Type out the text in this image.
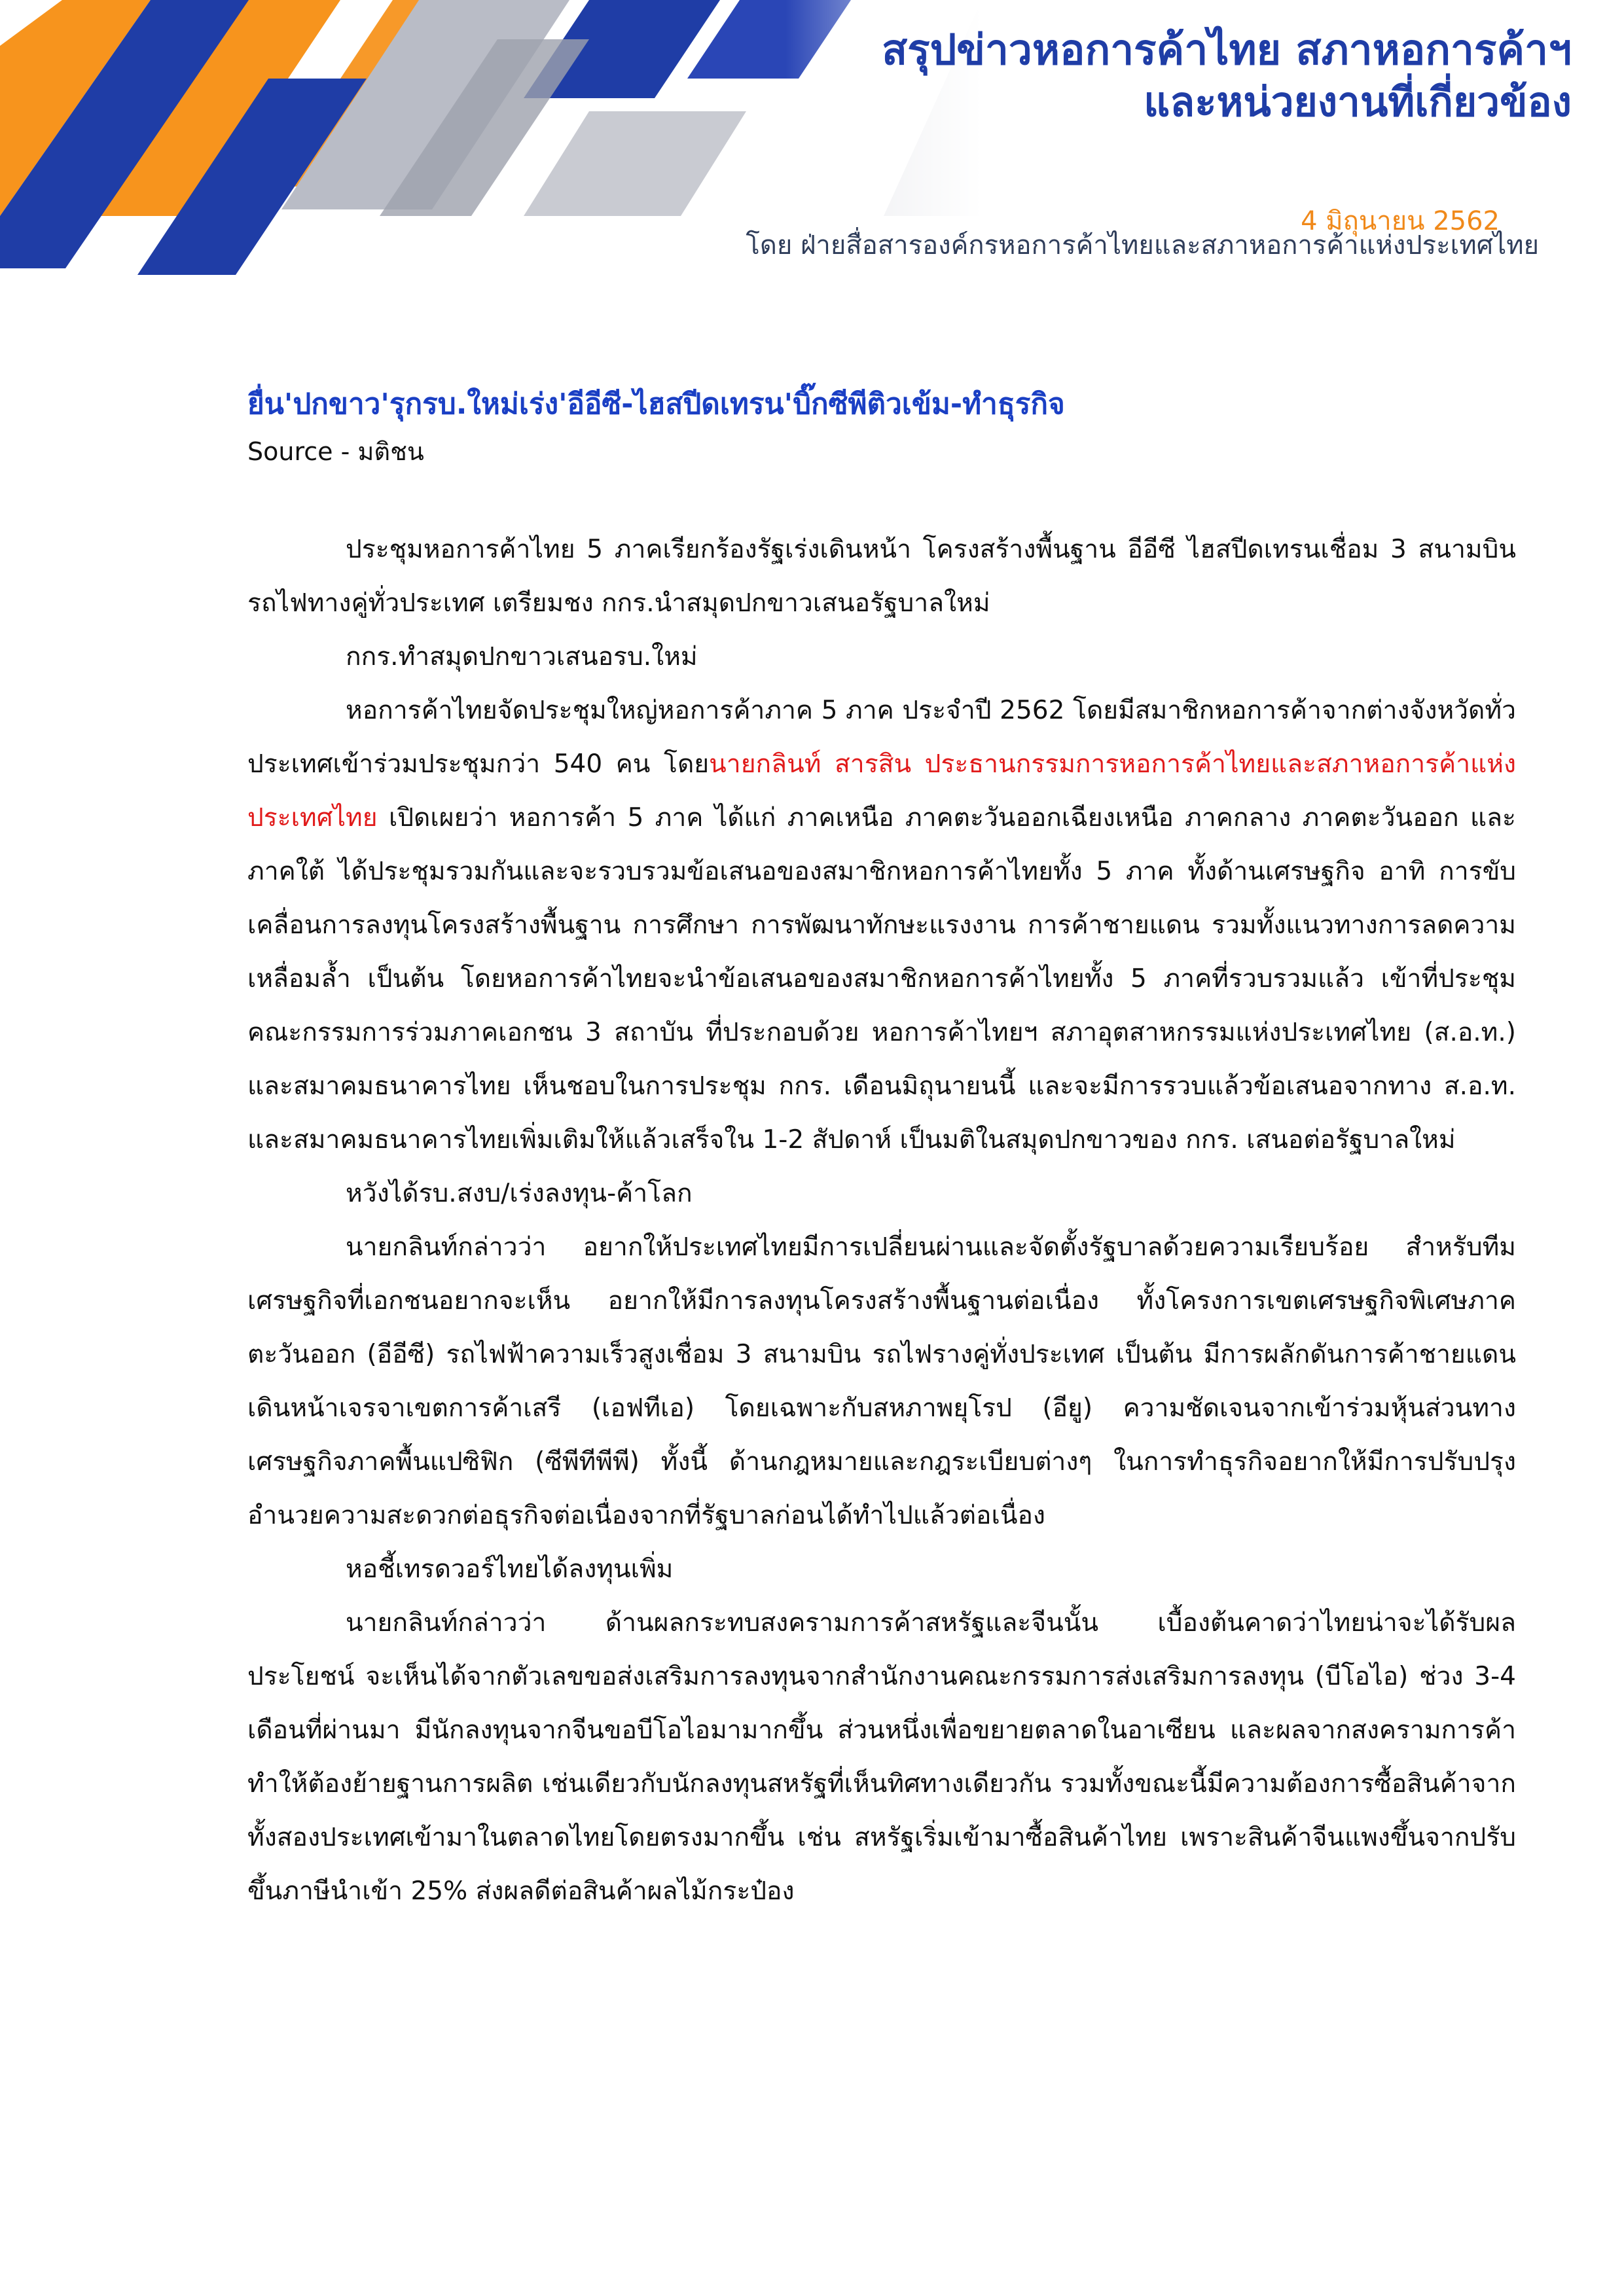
สรุปข่าวหอการค้าไทย สภาหอการค้าฯ
และหน่วยงานที่เกี่ยวข้อง
4 มิถุนายน 2562
โดย ฝ่ายสื่อสารองค์กรหอการค้าไทยและสภาหอการค้าแห่งประเทศไทย
ยื่น'ปกขาว'รุกรบ.ใหม่เร่ง'อีอีซี-ไฮสปีดเทรน'บิ๊กซีพีติวเข้ม-ทำธุรกิจ
Source - มติชน

ประชุมหอการค้าไทย 5 ภาคเรียกร้องรัฐเร่งเดินหน้า โครงสร้างพื้นฐาน อีอีซี ไฮสปีดเทรนเชื่อม 3 สนามบิน รถไฟทางคู่ทั่วประเทศ เตรียมชง กกร.นำสมุดปกขาวเสนอรัฐบาลใหม่

กกร.ทำสมุดปกขาวเสนอรบ.ใหม่

หอการค้าไทยจัดประชุมใหญ่หอการค้าภาค 5 ภาค ประจำปี 2562 โดยมีสมาชิกหอการค้าจากต่างจังหวัดทั่วประเทศเข้าร่วมประชุมกว่า 540 คน โดยนายกลินท์ สารสิน ประธานกรรมการหอการค้าไทยและสภาหอการค้าแห่งประเทศไทย เปิดเผยว่า หอการค้า 5 ภาค ได้แก่ ภาคเหนือ ภาคตะวันออกเฉียงเหนือ ภาคกลาง ภาคตะวันออก และภาคใต้ ได้ประชุมรวมกันและจะรวบรวมข้อเสนอของสมาชิกหอการค้าไทยทั้ง 5 ภาค ทั้งด้านเศรษฐกิจ อาทิ การขับเคลื่อนการลงทุนโครงสร้างพื้นฐาน การศึกษา การพัฒนาทักษะแรงงาน การค้าชายแดน รวมทั้งแนวทางการลดความเหลื่อมล้ำ เป็นต้น โดยหอการค้าไทยจะนำข้อเสนอของสมาชิกหอการค้าไทยทั้ง 5 ภาคที่รวบรวมแล้ว เข้าที่ประชุมคณะกรรมการร่วมภาคเอกชน 3 สถาบัน ที่ประกอบด้วย หอการค้าไทยฯ สภาอุตสาหกรรมแห่งประเทศไทย (ส.อ.ท.) และสมาคมธนาคารไทย เห็นชอบในการประชุม กกร. เดือนมิถุนายนนี้ และจะมีการรวบแล้วข้อเสนอจากทาง ส.อ.ท. และสมาคมธนาคารไทยเพิ่มเติมให้แล้วเสร็จใน 1-2 สัปดาห์ เป็นมติในสมุดปกขาวของ กกร. เสนอต่อรัฐบาลใหม่

หวังได้รบ.สงบ/เร่งลงทุน-ค้าโลก

นายกลินท์กล่าวว่า อยากให้ประเทศไทยมีการเปลี่ยนผ่านและจัดตั้งรัฐบาลด้วยความเรียบร้อย สำหรับทีมเศรษฐกิจที่เอกชนอยากจะเห็น อยากให้มีการลงทุนโครงสร้างพื้นฐานต่อเนื่อง ทั้งโครงการเขตเศรษฐกิจพิเศษภาคตะวันออก (อีอีซี) รถไฟฟ้าความเร็วสูงเชื่อม 3 สนามบิน รถไฟรางคู่ทั่งประเทศ เป็นต้น มีการผลักดันการค้าชายแดน เดินหน้าเจรจาเขตการค้าเสรี (เอฟทีเอ) โดยเฉพาะกับสหภาพยุโรป (อียู) ความชัดเจนจากเข้าร่วมหุ้นส่วนทางเศรษฐกิจภาคพื้นแปซิฟิก (ซีพีทีพีพี) ทั้งนี้ ด้านกฎหมายและกฎระเบียบต่างๆ ในการทำธุรกิจอยากให้มีการปรับปรุงอำนวยความสะดวกต่อธุรกิจต่อเนื่องจากที่รัฐบาลก่อนได้ทำไปแล้วต่อเนื่อง

หอชี้เทรดวอร์ไทยได้ลงทุนเพิ่ม

นายกลินท์กล่าวว่า ด้านผลกระทบสงครามการค้าสหรัฐและจีนนั้น เบื้องต้นคาดว่าไทยน่าจะได้รับผลประโยชน์ จะเห็นได้จากตัวเลขขอส่งเสริมการลงทุนจากสำนักงานคณะกรรมการส่งเสริมการลงทุน (บีโอไอ) ช่วง 3-4 เดือนที่ผ่านมา มีนักลงทุนจากจีนขอบีโอไอมามากขึ้น ส่วนหนึ่งเพื่อขยายตลาดในอาเซียน และผลจากสงครามการค้าทำให้ต้องย้ายฐานการผลิต เช่นเดียวกับนักลงทุนสหรัฐที่เห็นทิศทางเดียวกัน รวมทั้งขณะนี้มีความต้องการซื้อสินค้าจากทั้งสองประเทศเข้ามาในตลาดไทยโดยตรงมากขึ้น เช่น สหรัฐเริ่มเข้ามาซื้อสินค้าไทย เพราะสินค้าจีนแพงขึ้นจากปรับขึ้นภาษีนำเข้า 25% ส่งผลดีต่อสินค้าผลไม้กระป๋อง
